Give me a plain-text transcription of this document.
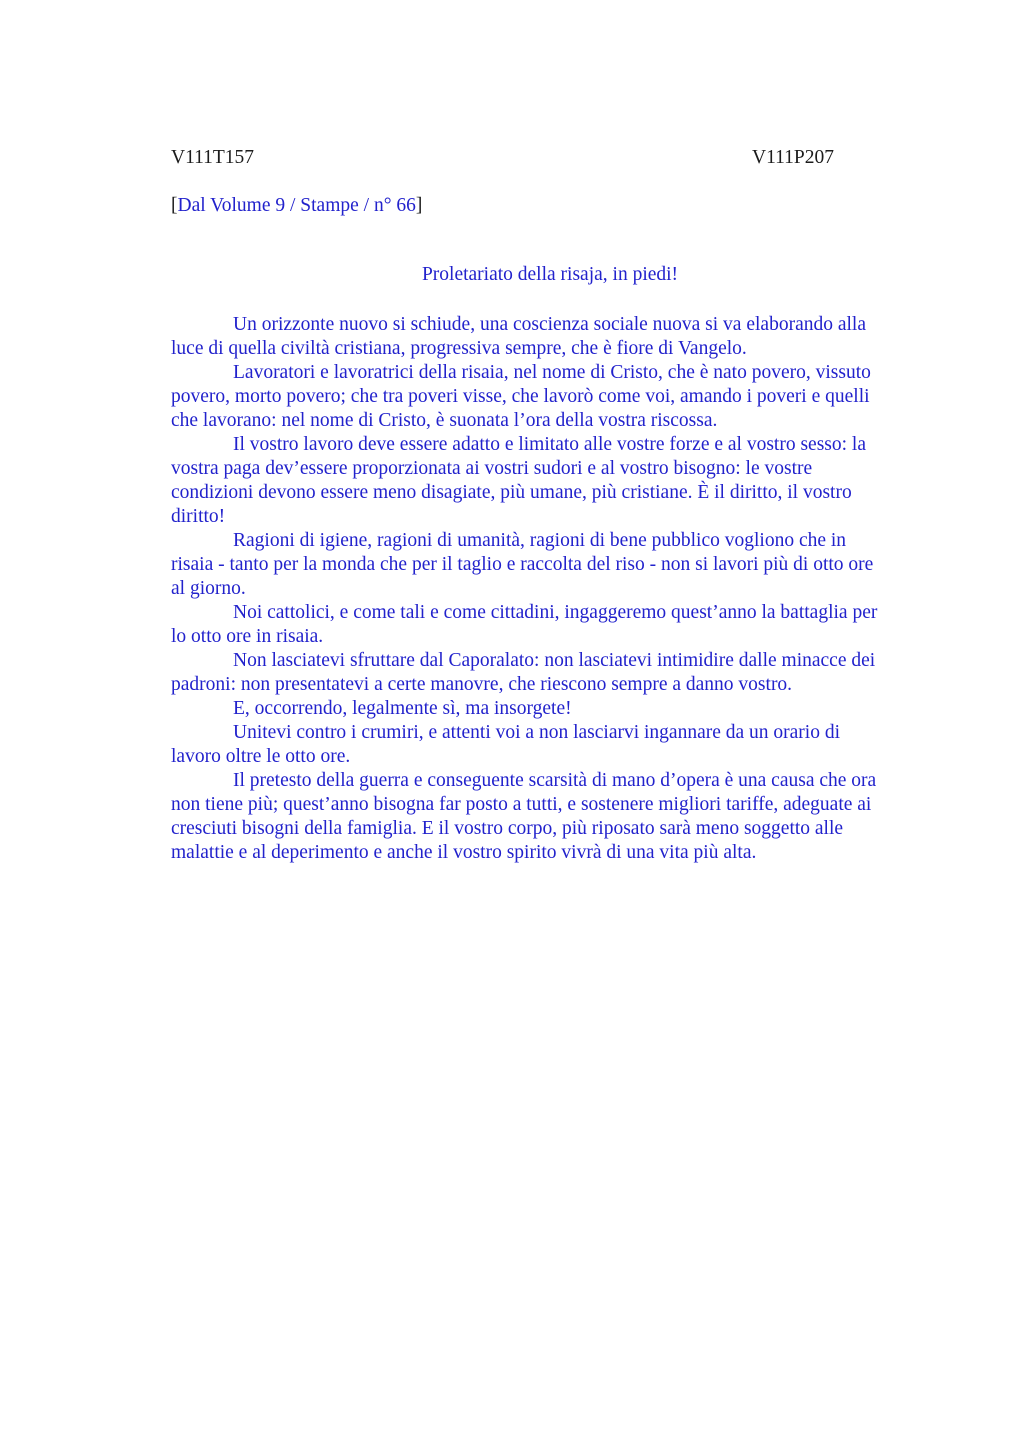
V111T157	V111P207
[Dal Volume 9 / Stampe / n° 66]
Proletariato della risaja, in piedi!

Un orizzonte nuovo si schiude, una coscienza sociale nuova si va elaborando alla
luce di quella civiltà cristiana, progressiva sempre, che è fiore di Vangelo.

Lavoratori e lavoratrici della risaia, nel nome di Cristo, che è nato povero, vissuto
povero, morto povero; che tra poveri visse, che lavorò come voi, amando i poveri e quelli
che lavorano: nel nome di Cristo, è suonata l’ora della vostra riscossa.

Il vostro lavoro deve essere adatto e limitato alle vostre forze e al vostro sesso: la
vostra paga dev’essere proporzionata ai vostri sudori e al vostro bisogno: le vostre
condizioni devono essere meno disagiate, più umane, più cristiane. È il diritto, il vostro
diritto!

Ragioni di igiene, ragioni di umanità, ragioni di bene pubblico vogliono che in
risaia - tanto per la monda che per il taglio e raccolta del riso - non si lavori più di otto ore
al giorno.

Noi cattolici, e come tali e come cittadini, ingaggeremo quest’anno la battaglia per
lo otto ore in risaia.

Non lasciatevi sfruttare dal Caporalato: non lasciatevi intimidire dalle minacce dei
padroni: non presentatevi a certe manovre, che riescono sempre a danno vostro.

E, occorrendo, legalmente sì, ma insorgete!

Unitevi contro i crumiri, e attenti voi a non lasciarvi ingannare da un orario di
lavoro oltre le otto ore.

Il pretesto della guerra e conseguente scarsità di mano d’opera è una causa che ora
non tiene più; quest’anno bisogna far posto a tutti, e sostenere migliori tariffe, adeguate ai
cresciuti bisogni della famiglia. E il vostro corpo, più riposato sarà meno soggetto alle
malattie e al deperimento e anche il vostro spirito vivrà di una vita più alta.
